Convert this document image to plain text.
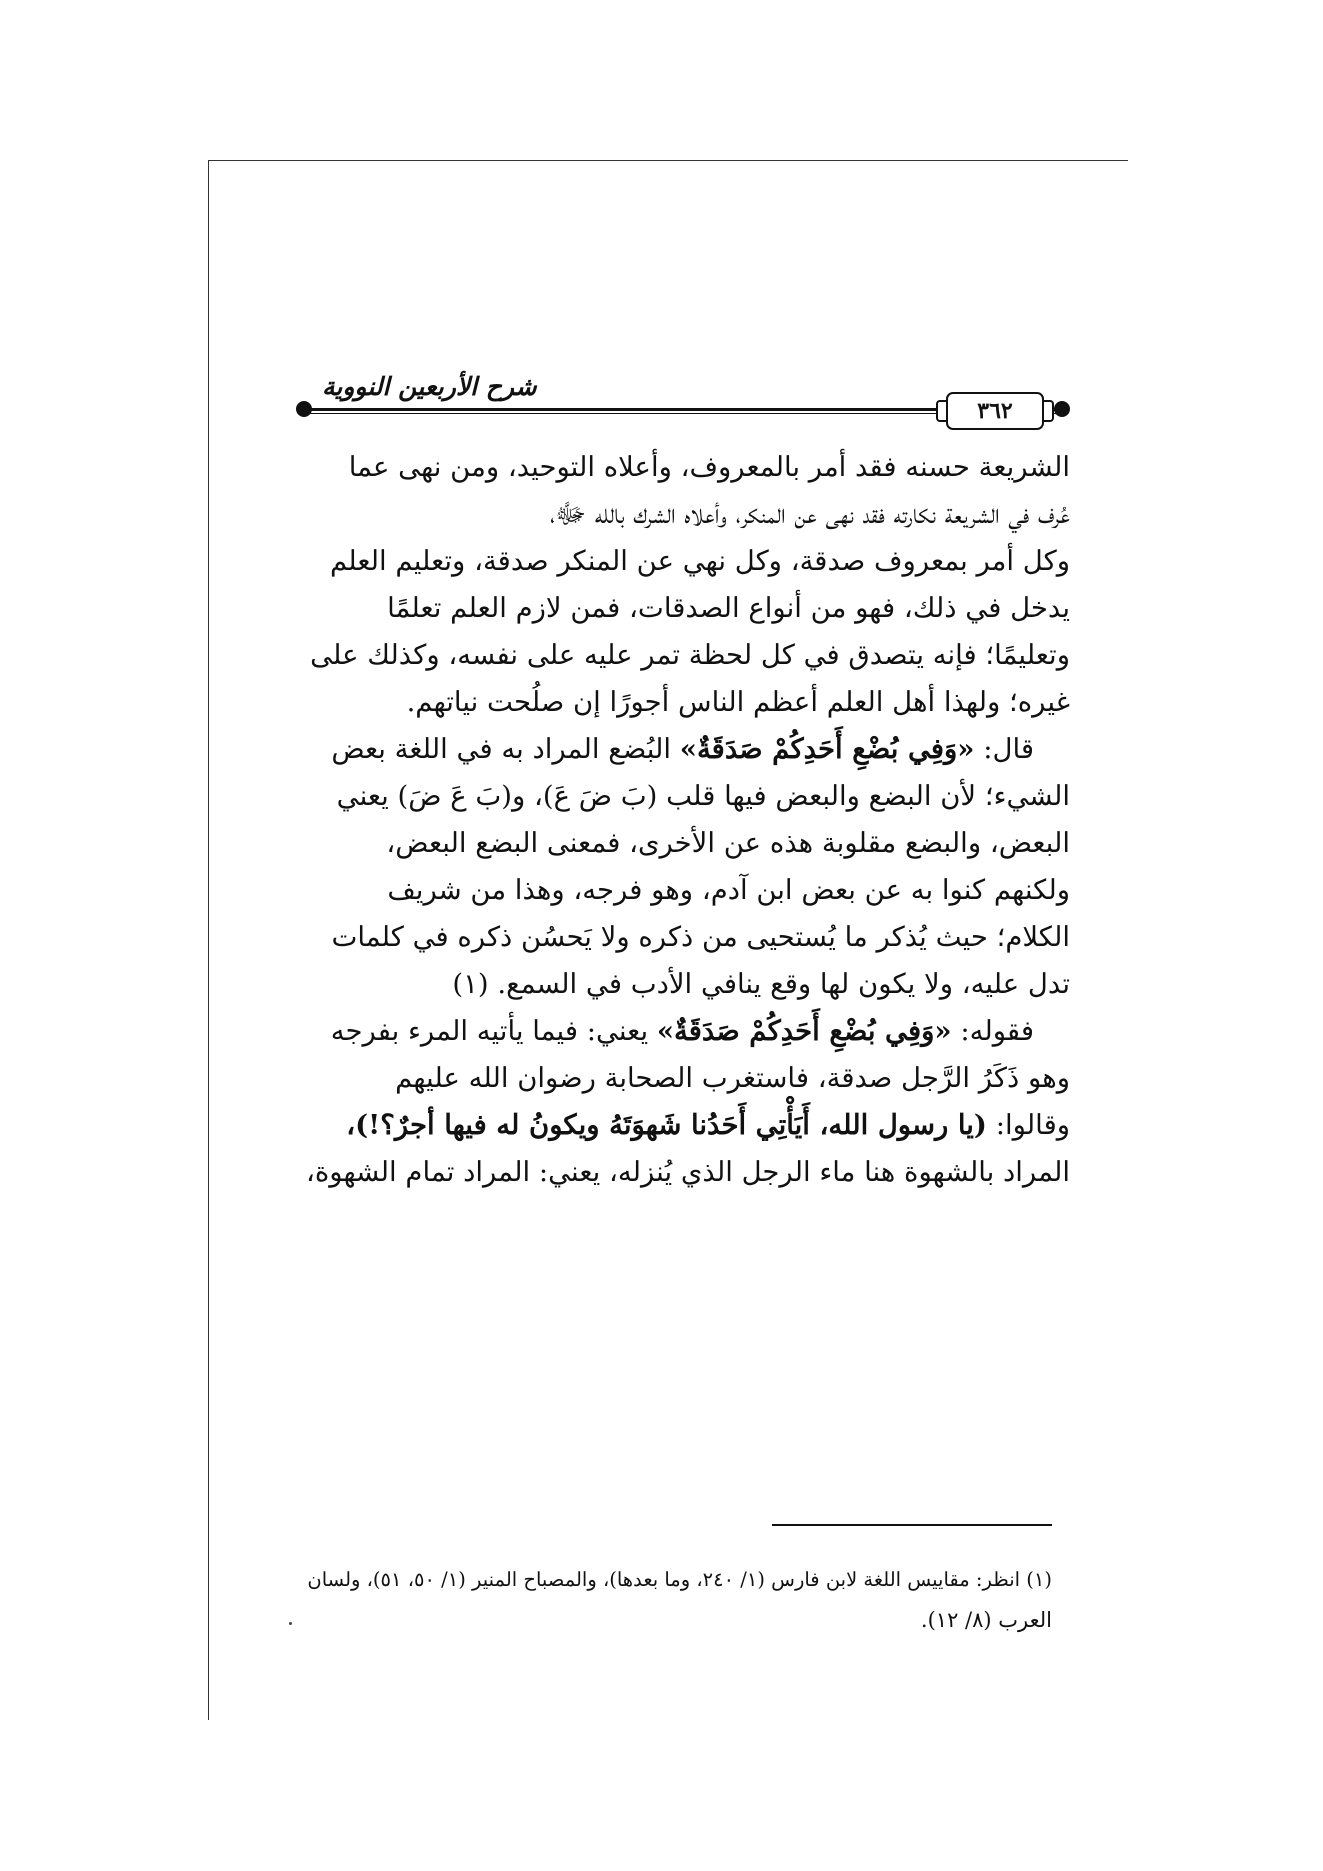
شرح الأربعين النووية
٣٦٢
الشريعة حسنه فقد أمر بالمعروف، وأعلاه التوحيد، ومن نهى عما
عُرف في الشريعة نكارته فقد نهى عن المنكر، وأعلاه الشرك بالله ﷻ،
وكل أمر بمعروف صدقة، وكل نهي عن المنكر صدقة، وتعليم العلم
يدخل في ذلك، فهو من أنواع الصدقات، فمن لازم العلم تعلمًا
وتعليمًا؛ فإنه يتصدق في كل لحظة تمر عليه على نفسه، وكذلك على
غيره؛ ولهذا أهل العلم أعظم الناس أجورًا إن صلُحت نياتهم.
قال: «وَفِي بُضْعِ أَحَدِكُمْ صَدَقَةٌ» البُضع المراد به في اللغة بعض
الشيء؛ لأن البضع والبعض فيها قلب (بَ ضَ عَ)، و(بَ عَ ضَ) يعني
البعض، والبضع مقلوبة هذه عن الأخرى، فمعنى البضع البعض،
ولكنهم كنوا به عن بعض ابن آدم، وهو فرجه، وهذا من شريف
الكلام؛ حيث يُذكر ما يُستحيى من ذكره ولا يَحسُن ذكره في كلمات
تدل عليه، ولا يكون لها وقع ينافي الأدب في السمع. (١)
فقوله: «وَفِي بُضْعِ أَحَدِكُمْ صَدَقَةٌ» يعني: فيما يأتيه المرء بفرجه
وهو ذَكَرُ الرَّجل صدقة، فاستغرب الصحابة رضوان الله عليهم
وقالوا: (يا رسول الله، أَيَأْتِي أَحَدُنا شَهوَتَهُ ويكونُ له فيها أجرٌ؟!)،
المراد بالشهوة هنا ماء الرجل الذي يُنزله، يعني: المراد تمام الشهوة،
(١) انظر: مقاييس اللغة لابن فارس (١/ ٢٤٠، وما بعدها)، والمصباح المنير (١/ ٥٠، ٥١)، ولسان
العرب (٨/ ١٢).
